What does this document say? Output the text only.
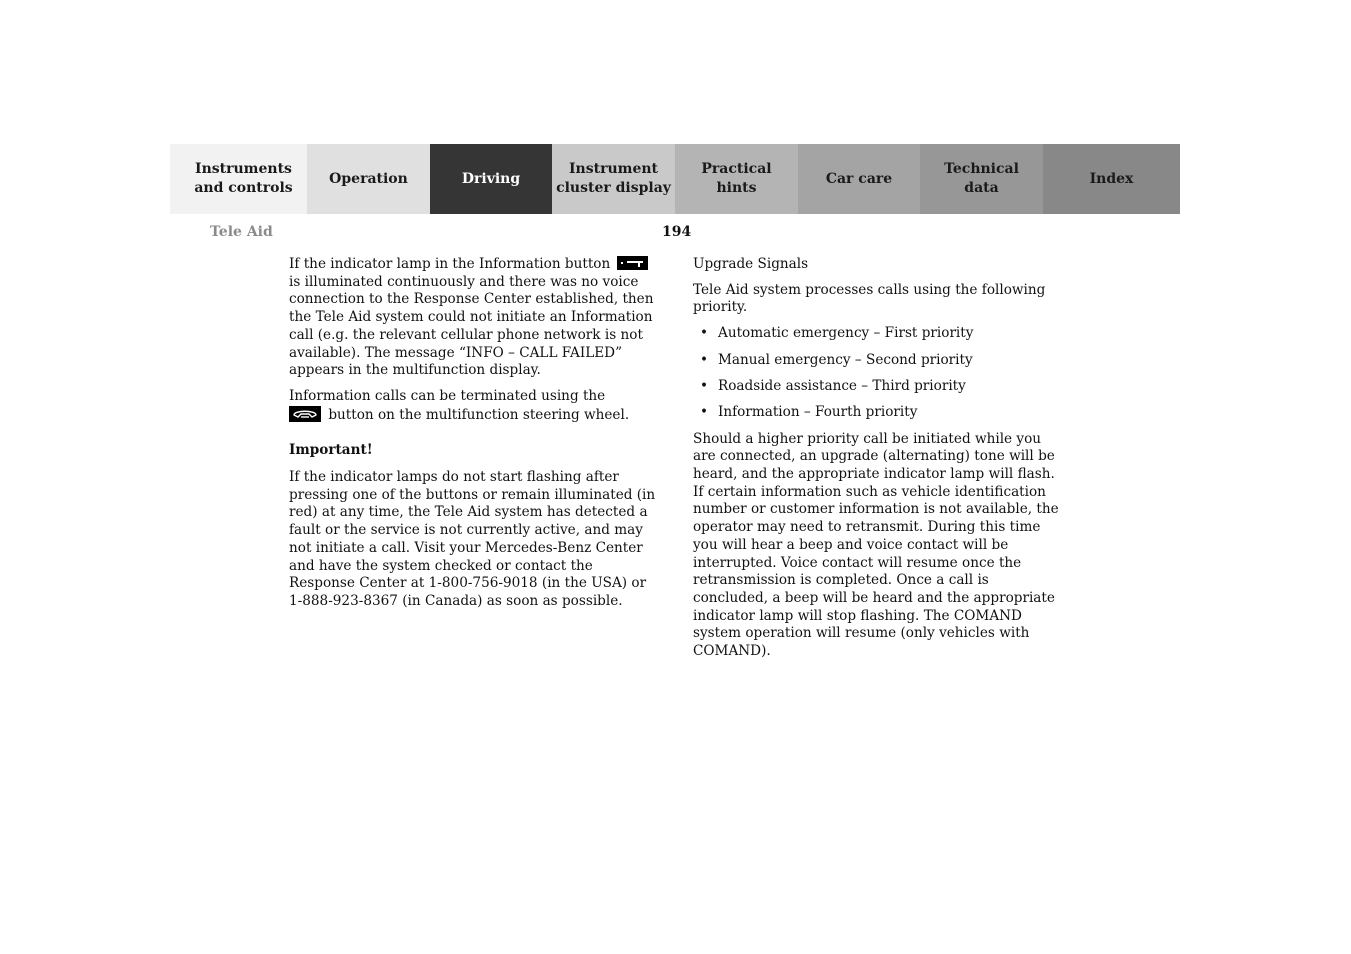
Instruments
and controls
Operation	Driving
Instrument
cluster display
Practical hints
Car care
Technical
data
Index
Tele Aid	194

If the indicator lamp in the Information button
is illuminated continuously and there was no voice connection to the Response Center established, then the Tele Aid system could not initiate an Information call (e.g. the relevant cellular phone network is not available). The message “INFO – CALL FAILED” appears in the multifunction display.

Information calls can be terminated using the

button on the multifunction steering wheel.

Important!

If the indicator lamps do not start flashing after pressing one of the buttons or remain illuminated (in red) at any time, the Tele Aid system has detected a fault or the service is not currently active, and may not initiate a call. Visit your Mercedes-Benz Center and have the system checked or contact the Response Center at 1-800-756-9018 (in the USA) or 1-888-923-8367 (in Canada) as soon as possible.

Upgrade Signals

Tele Aid system processes calls using the following priority.

• Automatic emergency – First priority
• Manual emergency – Second priority
• Roadside assistance – Third priority
• Information – Fourth priority

Should a higher priority call be initiated while you are connected, an upgrade (alternating) tone will be heard, and the appropriate indicator lamp will flash. If certain information such as vehicle identification number or customer information is not available, the operator may need to retransmit. During this time you will hear a beep and voice contact will be interrupted. Voice contact will resume once the retransmission is completed. Once a call is concluded, a beep will be heard and the appropriate indicator lamp will stop flashing. The COMAND system operation will resume (only vehicles with COMAND).
